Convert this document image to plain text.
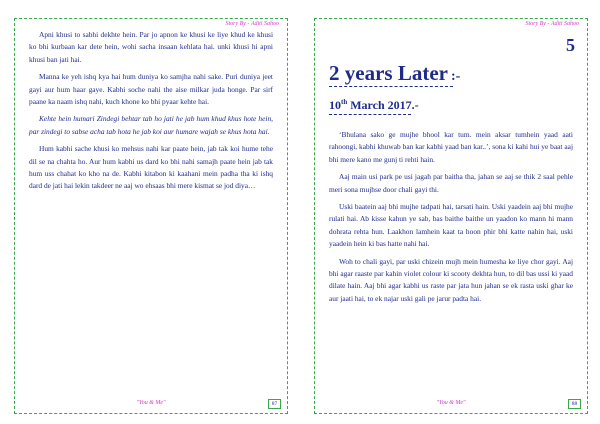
Story By - Aditi Sahoo

Apni khusi to sabhi dekhte hein. Par jo apnon ke khusi ke liye khud ke khusi ko bhi kurbaan kar dete hein, wohi sacha insaan kehlata hai. unki khusi hi apni khusi ban jati hai.

Manna ke yeh ishq kya hai hum duniya ko samjha nahi sake. Puri duniya jeet gayi aur hum haar gaye. Kabhi soche nahi the aise milkar juda honge. Par sirf paane ka naam ishq nahi, kuch khone ko bhi pyaar kehte hai.

Kehte hein humari Zindegi behtar tab ho jati he jab hum khud khus hote hein, par zindegi to sabse acha tab hota he jab koi aur humare wajah se khus hota hai.

Hum kabhi sache khusi ko mehsus nahi kar paate hein, jab tak koi hume tehe dil se na chahta ho. Aur hum kabhi us dard ko bhi nahi samajh paate hein jab tak hum uss chahat ko kho na de. Kabhi kitabon ki kaahani mein padha tha ki ishq dard de jati hai lekin takdeer ne aaj wo ehsaas bhi mere kismat se jod diya…

"You & Me"	87
Story By - Aditi Sahoo
5
2 years Later :-
10th March 2017.-

‘Bhulana sako ge mujhe bhool kar tum. mein aksar tumhein yaad aati rahoongi, kabhi khuwab ban kar kabhi yaad ban kar..’, sona ki kahi hui ye baat aaj bhi mere kano me gunj ti rehti hain.

Aaj main usi park pe usi jagah par baitha tha, jahan se aaj se thik 2 saal pehle meri sona mujhse door chali gayi thi.

Uski baatein aaj bhi mujhe tadpati hai, tarsati hain. Uski yaadein aaj bhi mujhe rulati hai. Ab kisse kahun ye sab, bas baithe baithe un yaadon ko mann hi mann dohrata rehta hun. Laakhon lamhein kaat ta hoon phir bhi katte nahin hai, uski yaadein hein ki bas hatte nahi hai.

Woh to chali gayi, par uski chizein mujh mein humesha ke liye chor gayi. Aaj bhi agar raaste par kahin violet colour ki scooty dekhta hun, to dil bas ussi ki yaad dilate hain. Aaj bhi agar kabhi us raste par jata hun jahan se ek rasta uski ghar ke aur jaati hai, to ek najar uski gali pe jarur padta hai.

"You & Me"	88
